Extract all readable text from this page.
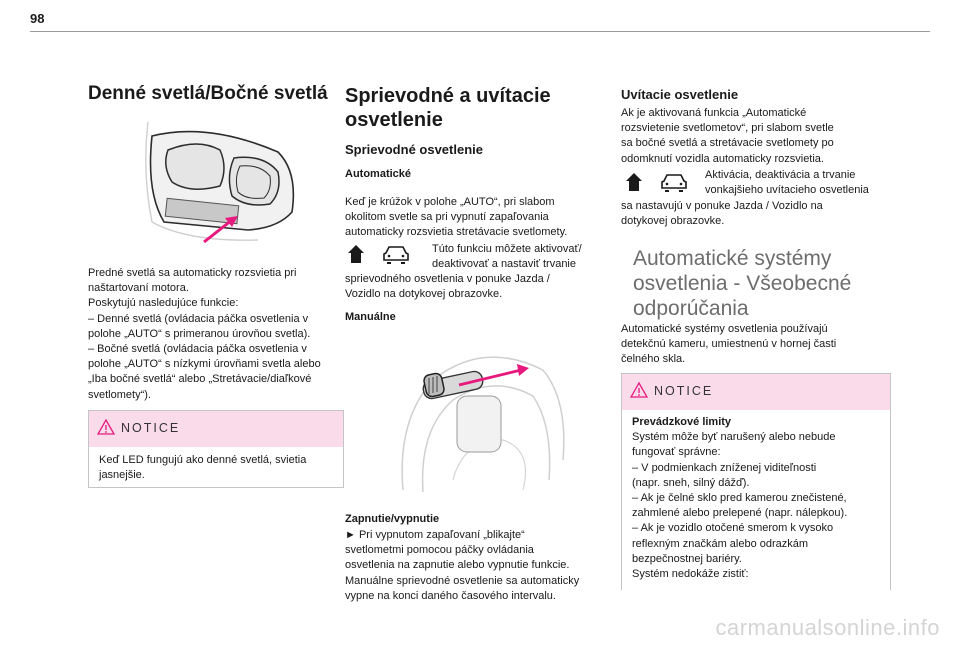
98
Denné svetlá/Bočné svetlá
Predné svetlá sa automaticky rozsvietia pri
naštartovaní motora.
Poskytujú nasledujúce funkcie:
– Denné svetlá (ovládacia páčka osvetlenia v
polohe „AUTO“ s primeranou úrovňou svetla).
– Bočné svetlá (ovládacia páčka osvetlenia v
polohe „AUTO“ s nízkymi úrovňami svetla alebo
„Iba bočné svetlá“ alebo „Stretávacie/diaľkové
svetlomety“).
NOTICE
Keď LED fungujú ako denné svetlá, svietia
jasnejšie.
Sprievodné a uvítacie
osvetlenie
Sprievodné osvetlenie
Automatické
Keď je krúžok v polohe „AUTO“, pri slabom
okolitom svetle sa pri vypnutí zapaľovania
automaticky rozsvietia stretávacie svetlomety.
Túto funkciu môžete aktivovať/
deaktivovať a nastaviť trvanie
sprievodného osvetlenia v ponuke Jazda /
Vozidlo na dotykovej obrazovke.
Manuálne
Zapnutie/vypnutie
► Pri vypnutom zapaľovaní „blikajte“
svetlometmi pomocou páčky ovládania
osvetlenia na zapnutie alebo vypnutie funkcie.
Manuálne sprievodné osvetlenie sa automaticky
vypne na konci daného časového intervalu.
Uvítacie osvetlenie
Ak je aktivovaná funkcia „Automatické
rozsvietenie svetlometov“, pri slabom svetle
sa bočné svetlá a stretávacie svetlomety po
odomknutí vozidla automaticky rozsvietia.
Aktivácia, deaktivácia a trvanie
vonkajšieho uvítacieho osvetlenia
sa nastavujú v ponuke Jazda / Vozidlo na
dotykovej obrazovke.
Automatické systémy
osvetlenia - Všeobecné
odporúčania
Automatické systémy osvetlenia používajú
detekčnú kameru, umiestnenú v hornej časti
čelného skla.
NOTICE
Prevádzkové limity
Systém môže byť narušený alebo nebude
fungovať správne:
– V podmienkach zníženej viditeľnosti
(napr. sneh, silný dážď).
– Ak je čelné sklo pred kamerou znečistené,
zahmlené alebo prelepené (napr. nálepkou).
– Ak je vozidlo otočené smerom k vysoko
reflexným značkám alebo odrazkám
bezpečnostnej bariéry.
Systém nedokáže zistiť:
carmanualsonline.info
